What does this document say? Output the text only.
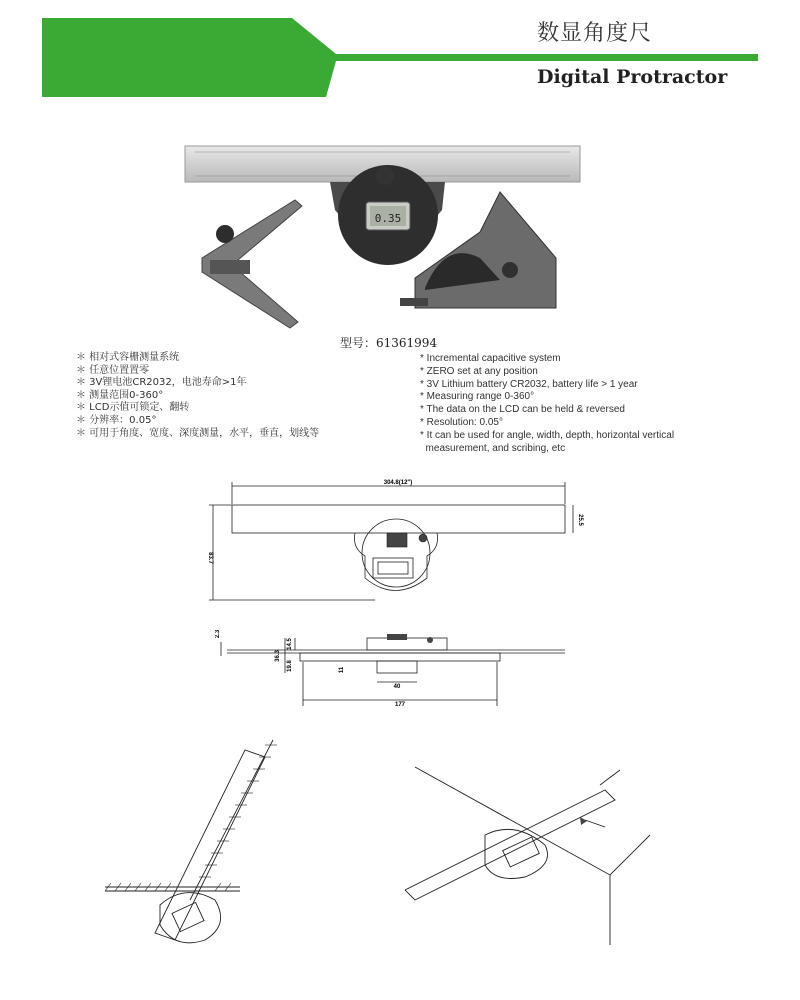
数显角度尺
Digital Protractor
0.35
型号：61361994
＊ 相对式容栅测量系统
＊ 任意位置置零
＊ 3V锂电池CR2032，电池寿命>1年
＊ 测量范围0-360°
＊ LCD示值可锁定、翻转
＊ 分辨率：0.05°
＊ 可用于角度、宽度、深度测量，水平，垂直，划线等
* Incremental capacitive system
* ZERO set at any position
* 3V Lithium battery CR2032, battery life > 1 year
* Measuring range 0-360°
* The data on the LCD can be held & reversed
* Resolution: 0.05°
* It can be used for angle, width, depth, horizontal vertical
measurement, and scribing, etc
304.8(12")
83.7
25.5
2.3
14.5
36.3
19.8	11
40
177
